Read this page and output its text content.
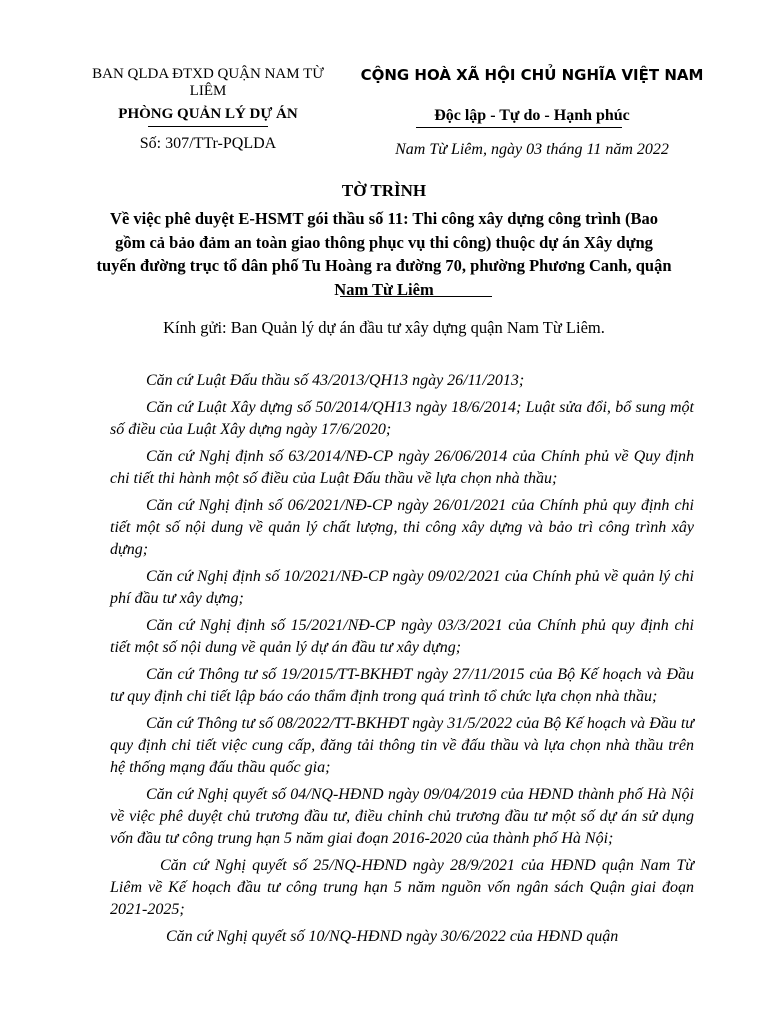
BAN QLDA ĐTXD QUẬN NAM TỪ LIÊM
PHÒNG QUẢN LÝ DỰ ÁN
Số: 307/TTr-PQLDA
CỘNG HOÀ XÃ HỘI CHỦ NGHĨA VIỆT NAM
Độc lập - Tự do - Hạnh phúc
Nam Từ Liêm, ngày 03 tháng 11 năm 2022
TỜ TRÌNH
Về việc phê duyệt E-HSMT gói thầu số 11: Thi công xây dựng công trình (Bao gồm cả bảo đảm an toàn giao thông phục vụ thi công) thuộc dự án Xây dựng tuyến đường trục tổ dân phố Tu Hoàng ra đường 70, phường Phương Canh, quận Nam Từ Liêm
Kính gửi: Ban Quản lý dự án đầu tư xây dựng quận Nam Từ Liêm.

Căn cứ Luật Đấu thầu số 43/2013/QH13 ngày 26/11/2013;

Căn cứ Luật Xây dựng số 50/2014/QH13 ngày 18/6/2014; Luật sửa đổi, bổ sung một số điều của Luật Xây dựng ngày 17/6/2020;

Căn cứ Nghị định số 63/2014/NĐ-CP ngày 26/06/2014 của Chính phủ về Quy định chi tiết thi hành một số điều của Luật Đấu thầu về lựa chọn nhà thầu;

Căn cứ Nghị định số 06/2021/NĐ-CP ngày 26/01/2021 của Chính phủ quy định chi tiết một số nội dung về quản lý chất lượng, thi công xây dựng và bảo trì công trình xây dựng;

Căn cứ Nghị định số 10/2021/NĐ-CP ngày 09/02/2021 của Chính phủ về quản lý chi phí đầu tư xây dựng;

Căn cứ Nghị định số 15/2021/NĐ-CP ngày 03/3/2021 của Chính phủ quy định chi tiết một số nội dung về quản lý dự án đầu tư xây dựng;

Căn cứ Thông tư số 19/2015/TT-BKHĐT ngày 27/11/2015 của Bộ Kế hoạch và Đầu tư quy định chi tiết lập báo cáo thẩm định trong quá trình tổ chức lựa chọn nhà thầu;

Căn cứ Thông tư số 08/2022/TT-BKHĐT ngày 31/5/2022 của Bộ Kế hoạch và Đầu tư quy định chi tiết việc cung cấp, đăng tải thông tin về đấu thầu và lựa chọn nhà thầu trên hệ thống mạng đấu thầu quốc gia;

Căn cứ Nghị quyết số 04/NQ-HĐND ngày 09/04/2019 của HĐND thành phố Hà Nội về việc phê duyệt chủ trương đầu tư, điều chỉnh chủ trương đầu tư một số dự án sử dụng vốn đầu tư công trung hạn 5 năm giai đoạn 2016-2020 của thành phố Hà Nội;

Căn cứ Nghị quyết số 25/NQ-HĐND ngày 28/9/2021 của HĐND quận Nam Từ Liêm về Kế hoạch đầu tư công trung hạn 5 năm nguồn vốn ngân sách Quận giai đoạn 2021-2025;

Căn cứ Nghị quyết số 10/NQ-HĐND ngày 30/6/2022 của HĐND quận
